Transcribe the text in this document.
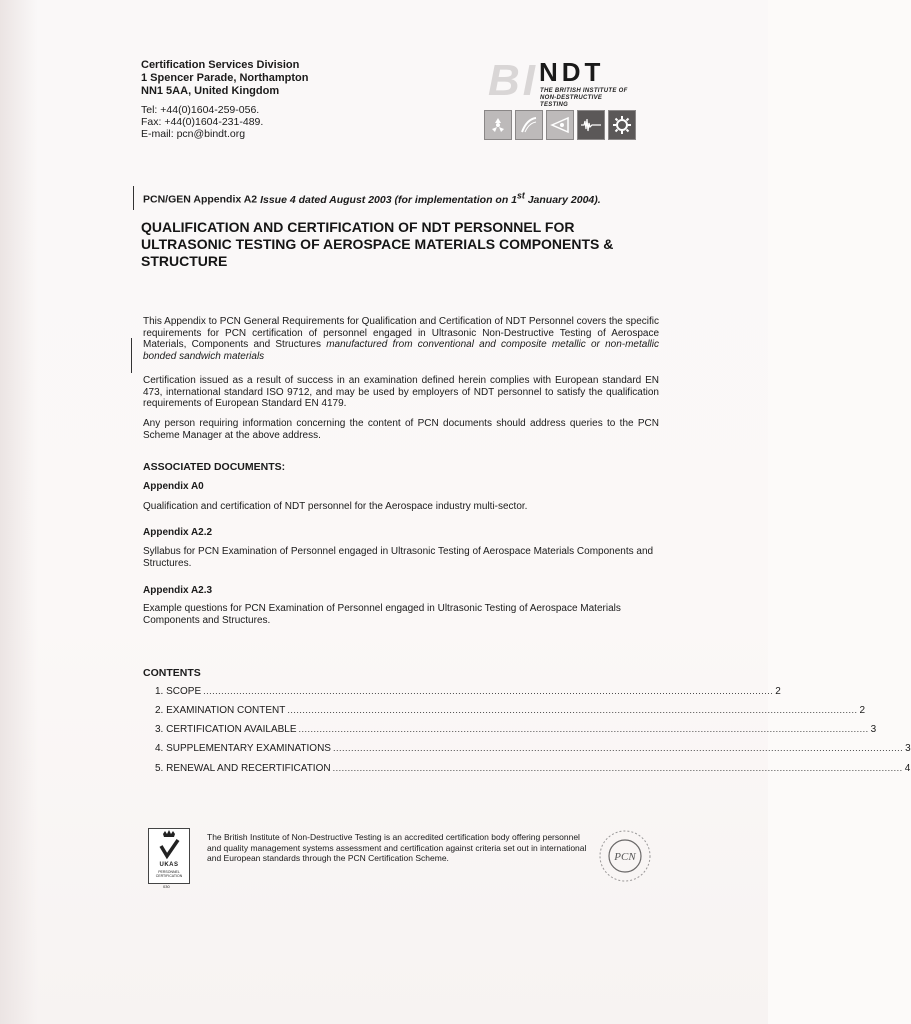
Certification Services Division
1 Spencer Parade, Northampton
NN1 5AA, United Kingdom
Tel: +44(0)1604-259-056.
Fax: +44(0)1604-231-489.
E-mail: pcn@bindt.org
BI NDT
THE BRITISH INSTITUTE OF
NON-DESTRUCTIVE TESTING
PCN/GEN Appendix A2 Issue 4 dated August 2003 (for implementation on 1st January 2004).
QUALIFICATION AND CERTIFICATION OF NDT PERSONNEL FOR ULTRASONIC TESTING OF AEROSPACE MATERIALS COMPONENTS & STRUCTURE
This Appendix to PCN General Requirements for Qualification and Certification of NDT Personnel covers the specific requirements for PCN certification of personnel engaged in Ultrasonic Non-Destructive Testing of Aerospace Materials, Components and Structures manufactured from conventional and composite metallic or non-metallic bonded sandwich materials
Certification issued as a result of success in an examination defined herein complies with European standard EN 473, international standard ISO 9712, and may be used by employers of NDT personnel to satisfy the qualification requirements of European Standard EN 4179.
Any person requiring information concerning the content of PCN documents should address queries to the PCN Scheme Manager at the above address.
ASSOCIATED DOCUMENTS:
Appendix A0
Qualification and certification of NDT personnel for the Aerospace industry multi-sector.
Appendix A2.2
Syllabus for PCN Examination of Personnel engaged in Ultrasonic Testing of Aerospace Materials Components and Structures.
Appendix A2.3
Example questions for PCN Examination of Personnel engaged in Ultrasonic Testing of Aerospace Materials Components and Structures.
CONTENTS
1. SCOPE .............................................................................................................................................................................................. 2
2. EXAMINATION CONTENT .............................................................................................................................................................................................. 2
3. CERTIFICATION AVAILABLE .............................................................................................................................................................................................. 3
4. SUPPLEMENTARY EXAMINATIONS .............................................................................................................................................................................................. 3
5. RENEWAL AND RECERTIFICATION .............................................................................................................................................................................................. 4
UKAS
PERSONNEL CERTIFICATION
030
The British Institute of Non-Destructive Testing is an accredited certification body offering personnel and quality management systems assessment and certification against criteria set out in international and European standards through the PCN Certification Scheme.	PCN
